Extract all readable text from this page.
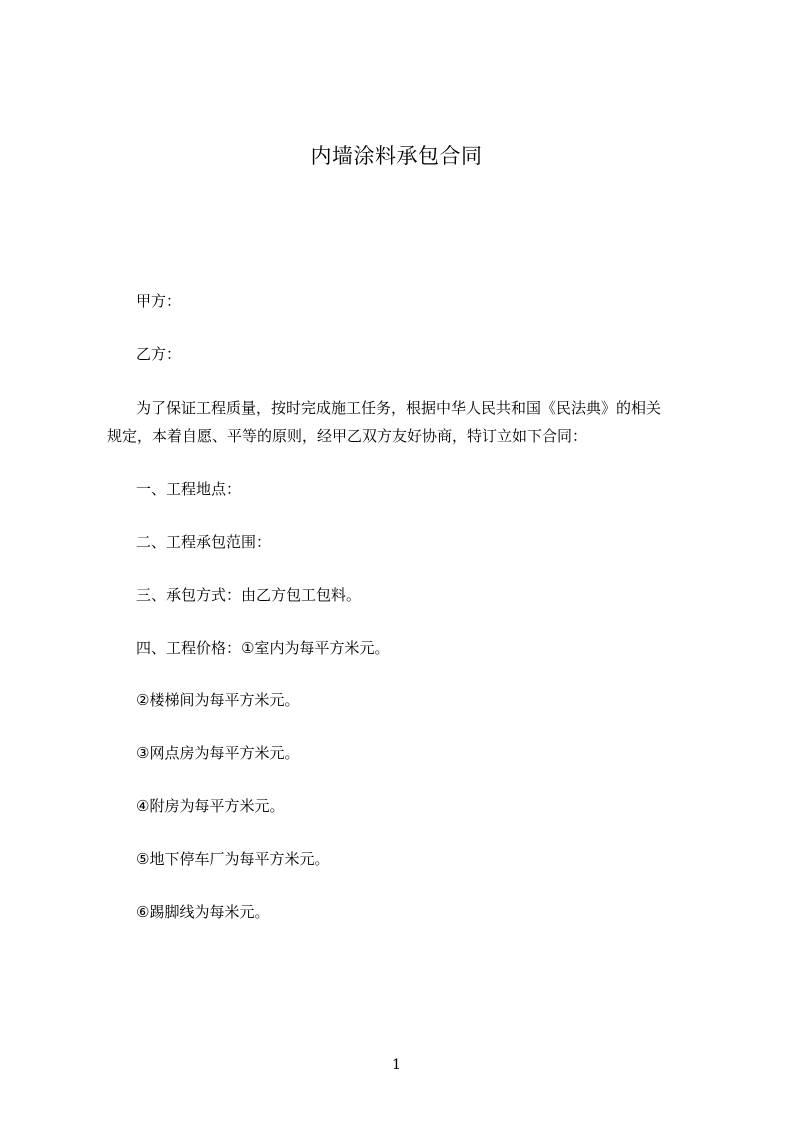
内墙涂料承包合同
甲方：
乙方：
为了保证工程质量，按时完成施工任务，根据中华人民共和国《民法典》的相关
规定，本着自愿、平等的原则，经甲乙双方友好协商，特订立如下合同：
一、工程地点：
二、工程承包范围：
三、承包方式：由乙方包工包料。
四、工程价格：①室内为每平方米元。
②楼梯间为每平方米元。
③网点房为每平方米元。
④附房为每平方米元。
⑤地下停车厂为每平方米元。
⑥踢脚线为每米元。
1
